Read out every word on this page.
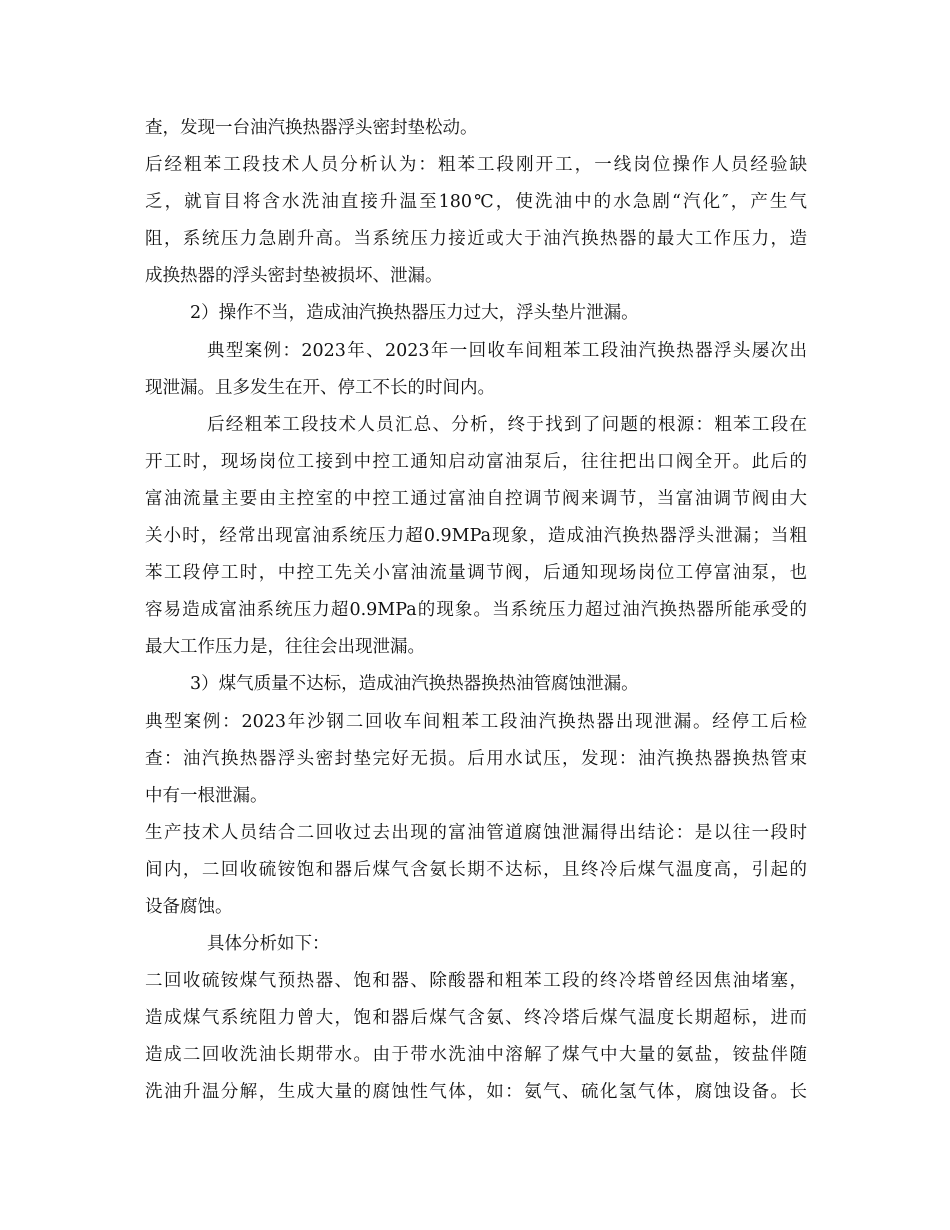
查，发现一台油汽换热器浮头密封垫松动。
后经粗苯工段技术人员分析认为：粗苯工段刚开工，一线岗位操作人员经验缺
乏，就盲目将含水洗油直接升温至180℃，使洗油中的水急剧“汽化″，产生气
阻，系统压力急剧升高。当系统压力接近或大于油汽换热器的最大工作压力，造
成换热器的浮头密封垫被损坏、泄漏。
2）操作不当，造成油汽换热器压力过大，浮头垫片泄漏。
典型案例：2023年、2023年一回收车间粗苯工段油汽换热器浮头屡次出
现泄漏。且多发生在开、停工不长的时间内。
后经粗苯工段技术人员汇总、分析，终于找到了问题的根源：粗苯工段在
开工时，现场岗位工接到中控工通知启动富油泵后，往往把出口阀全开。此后的
富油流量主要由主控室的中控工通过富油自控调节阀来调节，当富油调节阀由大
关小时，经常出现富油系统压力超0.9MPa现象，造成油汽换热器浮头泄漏；当粗
苯工段停工时，中控工先关小富油流量调节阀，后通知现场岗位工停富油泵，也
容易造成富油系统压力超0.9MPa的现象。当系统压力超过油汽换热器所能承受的
最大工作压力是，往往会出现泄漏。
3）煤气质量不达标，造成油汽换热器换热油管腐蚀泄漏。
典型案例：2023年沙钢二回收车间粗苯工段油汽换热器出现泄漏。经停工后检
查：油汽换热器浮头密封垫完好无损。后用水试压，发现：油汽换热器换热管束
中有一根泄漏。
生产技术人员结合二回收过去出现的富油管道腐蚀泄漏得出结论：是以往一段时
间内，二回收硫铵饱和器后煤气含氨长期不达标，且终冷后煤气温度高，引起的
设备腐蚀。
具体分析如下：
二回收硫铵煤气预热器、饱和器、除酸器和粗苯工段的终冷塔曾经因焦油堵塞，
造成煤气系统阻力曾大，饱和器后煤气含氨、终冷塔后煤气温度长期超标，进而
造成二回收洗油长期带水。由于带水洗油中溶解了煤气中大量的氨盐，铵盐伴随
洗油升温分解，生成大量的腐蚀性气体，如：氨气、硫化氢气体，腐蚀设备。长
